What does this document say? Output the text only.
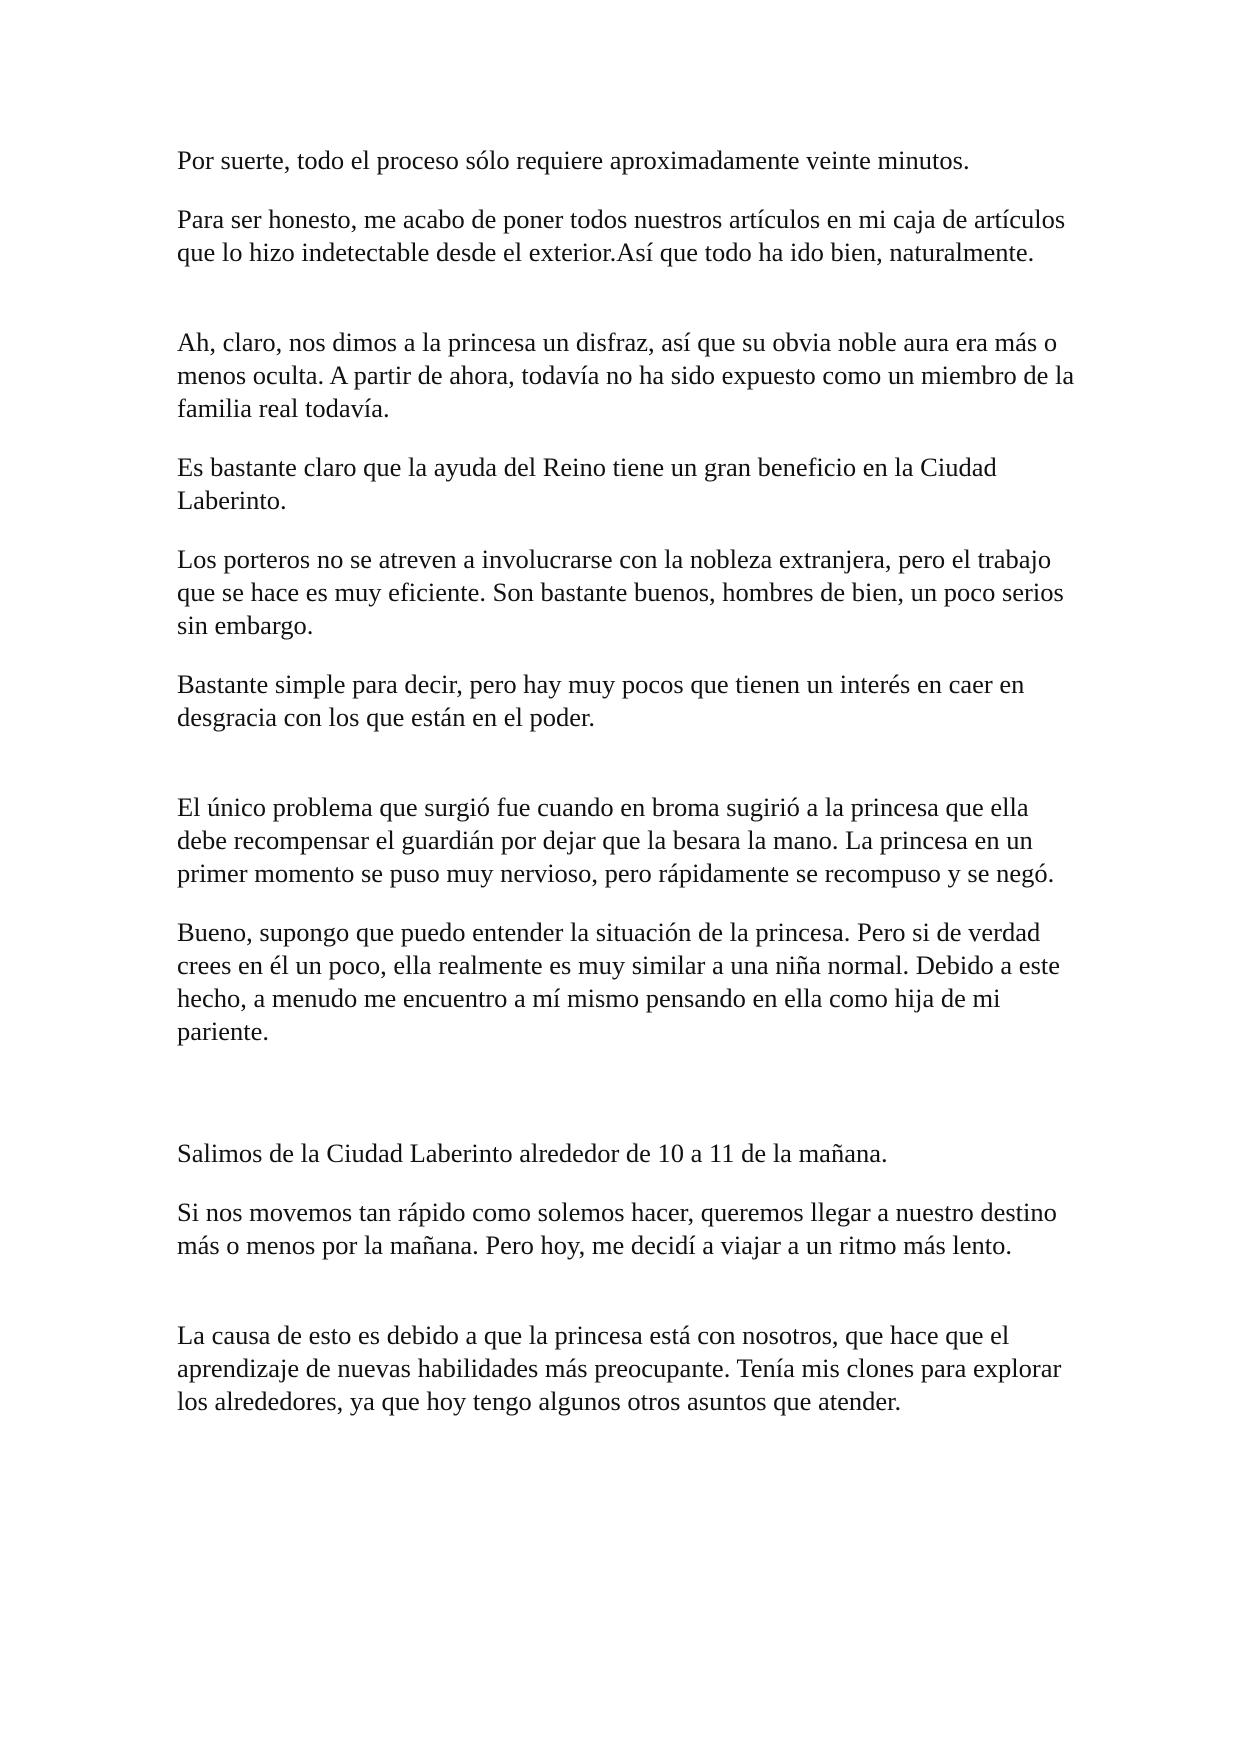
Por suerte, todo el proceso sólo requiere aproximadamente veinte minutos.

Para ser honesto, me acabo de poner todos nuestros artículos en mi caja de artículos que lo hizo indetectable desde el exterior.Así que todo ha ido bien, naturalmente.

Ah, claro, nos dimos a la princesa un disfraz, así que su obvia noble aura era más o menos oculta. A partir de ahora, todavía no ha sido expuesto como un miembro de la familia real todavía.

Es bastante claro que la ayuda del Reino tiene un gran beneficio en la Ciudad Laberinto.

Los porteros no se atreven a involucrarse con la nobleza extranjera, pero el trabajo que se hace es muy eficiente. Son bastante buenos, hombres de bien, un poco serios sin embargo.

Bastante simple para decir, pero hay muy pocos que tienen un interés en caer en desgracia con los que están en el poder.

El único problema que surgió fue cuando en broma sugirió a la princesa que ella debe recompensar el guardián por dejar que la besara la mano. La princesa en un primer momento se puso muy nervioso, pero rápidamente se recompuso y se negó.

Bueno, supongo que puedo entender la situación de la princesa. Pero si de verdad crees en él un poco, ella realmente es muy similar a una niña normal. Debido a este hecho, a menudo me encuentro a mí mismo pensando en ella como hija de mi pariente.

Salimos de la Ciudad Laberinto alrededor de 10 a 11 de la mañana.

Si nos movemos tan rápido como solemos hacer, queremos llegar a nuestro destino más o menos por la mañana. Pero hoy, me decidí a viajar a un ritmo más lento.

La causa de esto es debido a que la princesa está con nosotros, que hace que el aprendizaje de nuevas habilidades más preocupante. Tenía mis clones para explorar los alrededores, ya que hoy tengo algunos otros asuntos que atender.
